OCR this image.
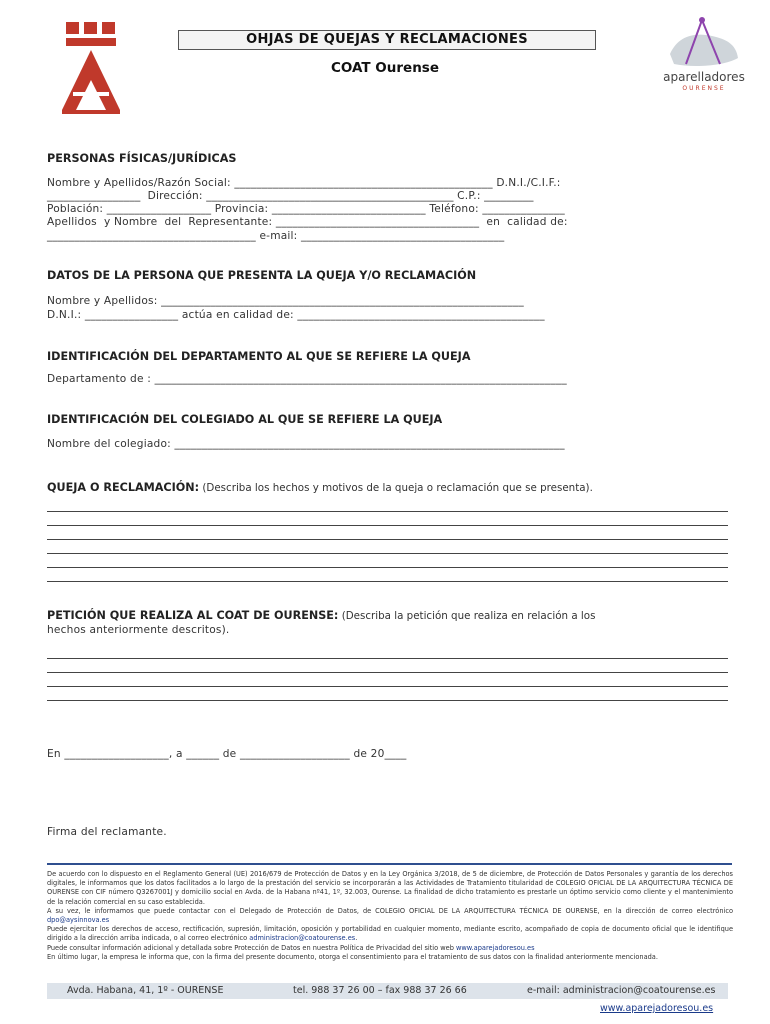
OHJAS DE QUEJAS Y RECLAMACIONES
COAT Ourense
aparelladores
OURENSE
PERSONAS FÍSICAS/JURÍDICAS
Nombre y Apellidos/Razón Social: _______________________________________________ D.N.I./C.I.F.:
_________________  Dirección: _____________________________________________ C.P.: _________
Población: ___________________ Provincia: ____________________________ Teléfono: _______________
Apellidos  y Nombre  del  Representante: _____________________________________  en  calidad de:
______________________________________ e-mail: _____________________________________
DATOS DE LA PERSONA QUE PRESENTA LA QUEJA Y/O RECLAMACIÓN
Nombre y Apellidos: __________________________________________________________________
D.N.I.: _________________ actúa en calidad de: _____________________________________________
IDENTIFICACIÓN DEL DEPARTAMENTO AL QUE SE REFIERE LA QUEJA
Departamento de : ___________________________________________________________________________
IDENTIFICACIÓN DEL COLEGIADO AL QUE SE REFIERE LA QUEJA
Nombre del colegiado: _______________________________________________________________________
QUEJA O RECLAMACIÓN: (Describa los hechos y motivos de la queja o reclamación que se presenta).
PETICIÓN QUE REALIZA AL COAT DE OURENSE: (Describa la petición que realiza en relación a los
hechos anteriormente descritos).
En ___________________, a ______ de ____________________ de 20____
Firma del reclamante.

De acuerdo con lo dispuesto en el Reglamento General (UE) 2016/679 de Protección de Datos y en la Ley Orgánica 3/2018, de 5 de diciembre, de Protección de Datos Personales y garantía de los derechos digitales, le informamos que los datos facilitados a lo largo de la prestación del servicio se incorporarán a las Actividades de Tratamiento titularidad de COLEGIO OFICIAL DE LA ARQUITECTURA TÉCNICA DE OURENSE con CIF número Q3267001J y domicilio social en Avda. de la Habana nº41, 1º, 32.003, Ourense. La finalidad de dicho tratamiento es prestarle un óptimo servicio como cliente y el mantenimiento de la relación comercial en su caso establecida.

A su vez, le informamos que puede contactar con el Delegado de Protección de Datos, de COLEGIO OFICIAL DE LA ARQUITECTURA TÉCNICA DE OURENSE, en la dirección de correo electrónico dpo@aysinnova.es

Puede ejercitar los derechos de acceso, rectificación, supresión, limitación, oposición y portabilidad en cualquier momento, mediante escrito, acompañado de copia de documento oficial que le identifique dirigido a la dirección arriba indicada, o al correo electrónico administracion@coatourense.es.

Puede consultar información adicional y detallada sobre Protección de Datos en nuestra Política de Privacidad del sitio web www.aparejadoresou.es

En último lugar, la empresa le informa que, con la firma del presente documento, otorga el consentimiento para el tratamiento de sus datos con la finalidad anteriormente mencionada.

Avda. Habana, 41, 1º - OURENSE	tel. 988 37 26 00 – fax 988 37 26 66	e-mail: administracion@coatourense.es
www.aparejadoresou.es
